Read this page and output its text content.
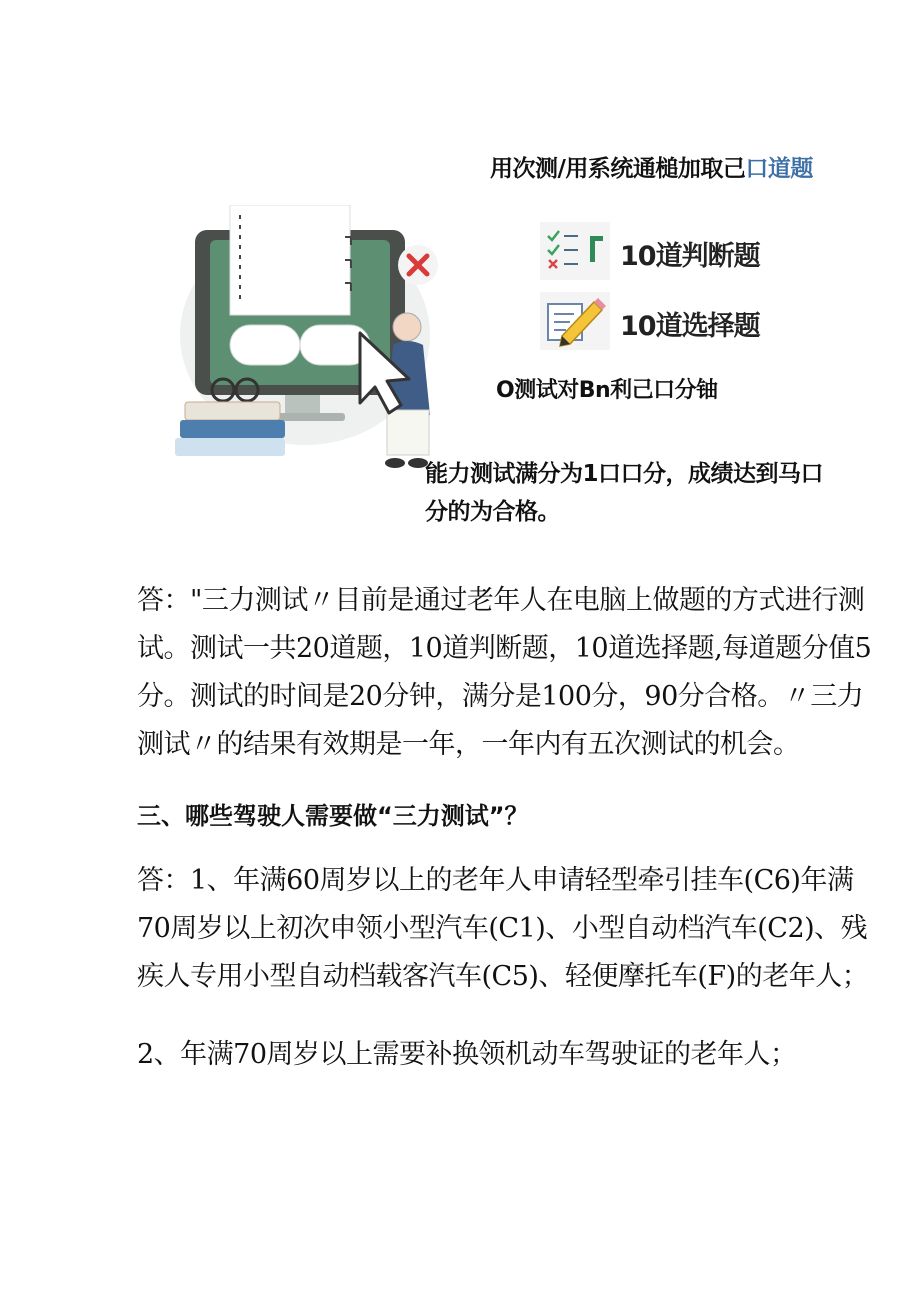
用次测/用系统通槌加取己口道题
10道判断题
10道选择题
O测试对Bn利己口分铀
能力测试满分为1口口分，成绩达到马口分的为合格。
答："三力测试〃目前是通过老年人在电脑上做题的方式进行测试。测试一共20道题，10道判断题，10道选择题,每道题分值5分。测试的时间是20分钟，满分是100分，90分合格。〃三力测试〃的结果有效期是一年，一年内有五次测试的机会。
三、哪些驾驶人需要做“三力测试”？
答：1、年满60周岁以上的老年人申请轻型牵引挂车(C6)年满70周岁以上初次申领小型汽车(C1)、小型自动档汽车(C2)、残疾人专用小型自动档载客汽车(C5)、轻便摩托车(F)的老年人；
2、年满70周岁以上需要补换领机动车驾驶证的老年人；
